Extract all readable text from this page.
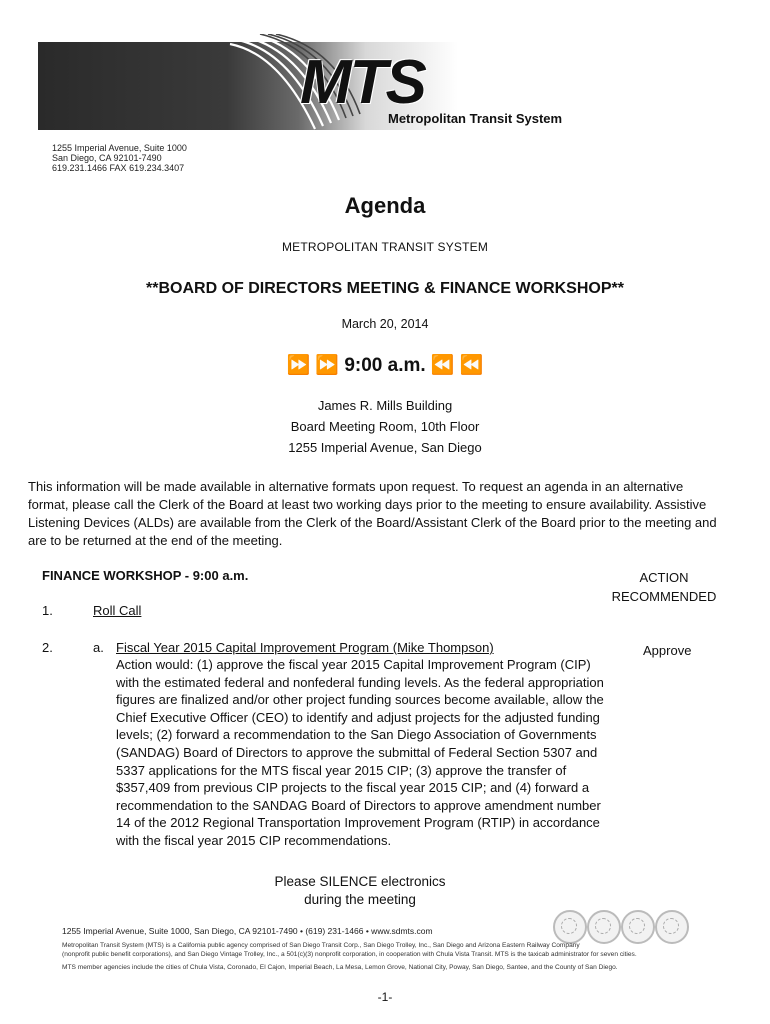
MTS
Metropolitan Transit System
1255 Imperial Avenue, Suite 1000
San Diego, CA 92101-7490
619.231.1466 FAX 619.234.3407
Agenda
METROPOLITAN TRANSIT SYSTEM
**BOARD OF DIRECTORS MEETING & FINANCE WORKSHOP**
March 20, 2014
⏩ ⏩ 9:00 a.m. ⏪ ⏪
James R. Mills Building
Board Meeting Room, 10th Floor
1255 Imperial Avenue, San Diego
This information will be made available in alternative formats upon request. To request an agenda in an alternative format, please call the Clerk of the Board at least two working days prior to the meeting to ensure availability. Assistive Listening Devices (ALDs) are available from the Clerk of the Board/Assistant Clerk of the Board prior to the meeting and are to be returned at the end of the meeting.
FINANCE WORKSHOP - 9:00 a.m.	ACTION
RECOMMENDED
1.	Roll Call
2.	a. Fiscal Year 2015 Capital Improvement Program (Mike Thompson)	Approve
Action would: (1) approve the fiscal year 2015 Capital Improvement Program (CIP) with the estimated federal and nonfederal funding levels. As the federal appropriation figures are finalized and/or other project funding sources become available, allow the Chief Executive Officer (CEO) to identify and adjust projects for the adjusted funding levels; (2) forward a recommendation to the San Diego Association of Governments (SANDAG) Board of Directors to approve the submittal of Federal Section 5307 and 5337 applications for the MTS fiscal year 2015 CIP; (3) approve the transfer of $357,409 from previous CIP projects to the fiscal year 2015 CIP; and (4) forward a recommendation to the SANDAG Board of Directors to approve amendment number 14 of the 2012 Regional Transportation Improvement Program (RTIP) in accordance with the fiscal year 2015 CIP recommendations.
Please SILENCE electronics
during the meeting
1255 Imperial Avenue, Suite 1000, San Diego, CA 92101-7490 • (619) 231-1466 • www.sdmts.com
Metropolitan Transit System (MTS) is a California public agency comprised of San Diego Transit Corp., San Diego Trolley, Inc., San Diego and Arizona Eastern Railway Company
(nonprofit public benefit corporations), and San Diego Vintage Trolley, Inc., a 501(c)(3) nonprofit corporation, in cooperation with Chula Vista Transit. MTS is the taxicab administrator for seven cities.
MTS member agencies include the cities of Chula Vista, Coronado, El Cajon, Imperial Beach, La Mesa, Lemon Grove, National City, Poway, San Diego, Santee, and the County of San Diego.
-1-
